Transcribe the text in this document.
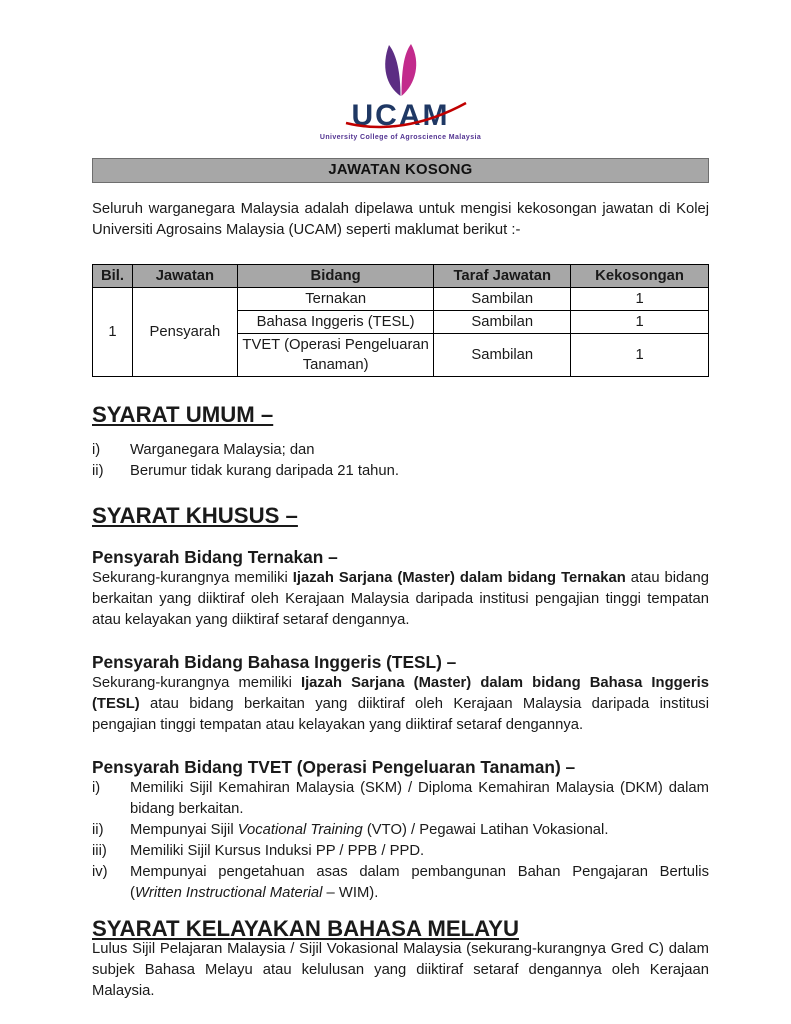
UCAM
University College of Agroscience Malaysia
JAWATAN KOSONG

Seluruh warganegara Malaysia adalah dipelawa untuk mengisi kekosongan jawatan di Kolej Universiti Agrosains Malaysia (UCAM) seperti maklumat berikut :-

Bil.	Jawatan	Bidang	Taraf Jawatan	Kekosongan
1	Pensyarah	Ternakan	Sambilan	1
		Bahasa Inggeris (TESL)	Sambilan	1
		TVET (Operasi Pengeluaran Tanaman)	Sambilan	1
SYARAT UMUM –
i)	Warganegara Malaysia; dan
ii)	Berumur tidak kurang daripada 21 tahun.
SYARAT KHUSUS –
Pensyarah Bidang Ternakan –

Sekurang-kurangnya memiliki Ijazah Sarjana (Master) dalam bidang Ternakan atau bidang berkaitan yang diiktiraf oleh Kerajaan Malaysia daripada institusi pengajian tinggi tempatan atau kelayakan yang diiktiraf setaraf dengannya.

Pensyarah Bidang Bahasa Inggeris (TESL) –

Sekurang-kurangnya memiliki Ijazah Sarjana (Master) dalam bidang Bahasa Inggeris (TESL) atau bidang berkaitan yang diiktiraf oleh Kerajaan Malaysia daripada institusi pengajian tinggi tempatan atau kelayakan yang diiktiraf setaraf dengannya.

Pensyarah Bidang TVET (Operasi Pengeluaran Tanaman) –
i)	Memiliki Sijil Kemahiran Malaysia (SKM) / Diploma Kemahiran Malaysia (DKM) dalam bidang berkaitan.
ii)	Mempunyai Sijil Vocational Training (VTO) / Pegawai Latihan Vokasional.
iii)	Memiliki Sijil Kursus Induksi PP / PPB / PPD.
iv)	Mempunyai pengetahuan asas dalam pembangunan Bahan Pengajaran Bertulis (Written Instructional Material – WIM).
SYARAT KELAYAKAN BAHASA MELAYU

Lulus Sijil Pelajaran Malaysia / Sijil Vokasional Malaysia (sekurang-kurangnya Gred C) dalam subjek Bahasa Melayu atau kelulusan yang diiktiraf setaraf dengannya oleh Kerajaan Malaysia.
